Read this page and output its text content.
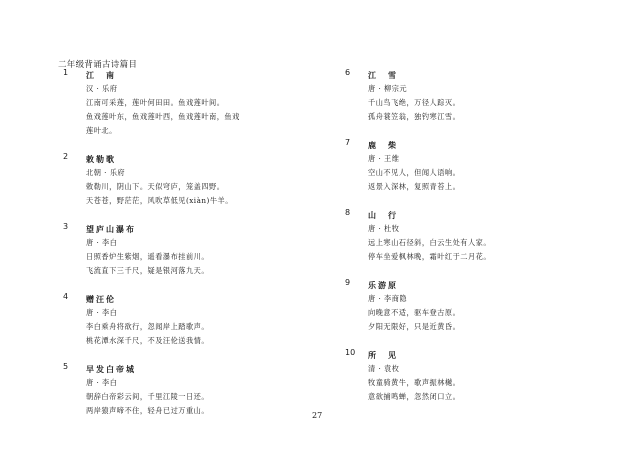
二年级背诵古诗篇目
1 江　南
汉 · 乐府
江南可采莲，莲叶何田田。鱼戏莲叶间。
鱼戏莲叶东，鱼戏莲叶西，鱼戏莲叶南，鱼戏
莲叶北。
2 敕勒歌
北朝 · 乐府
敕勒川，阴山下。天似穹庐，笼盖四野。
天苍苍，野茫茫，风吹草低见(xiàn)牛羊。
3 望庐山瀑布
唐 · 李白
日照香炉生紫烟，遥看瀑布挂前川。
飞流直下三千尺，疑是银河落九天。
4 赠汪伦
唐 · 李白
李白乘舟将欲行，忽闻岸上踏歌声。
桃花潭水深千尺，不及汪伦送我情。
5 早发白帝城
唐 · 李白
朝辞白帝彩云间，千里江陵一日还。
两岸猿声啼不住，轻舟已过万重山。
6 江　雪
唐 · 柳宗元
千山鸟飞绝，万径人踪灭。
孤舟蓑笠翁，独钓寒江雪。
7 鹿　柴
唐 · 王维
空山不见人，但闻人语响。
返景入深林，复照青苔上。
8 山　行
唐 · 杜牧
远上寒山石径斜，白云生处有人家。
停车坐爱枫林晚，霜叶红于二月花。
9 乐游原
唐 · 李商隐
向晚意不适，驱车登古原。
夕阳无限好，只是近黄昏。
10 所　见
清 · 袁枚
牧童骑黄牛，歌声振林樾。
意欲捕鸣蝉，忽然闭口立。
27
